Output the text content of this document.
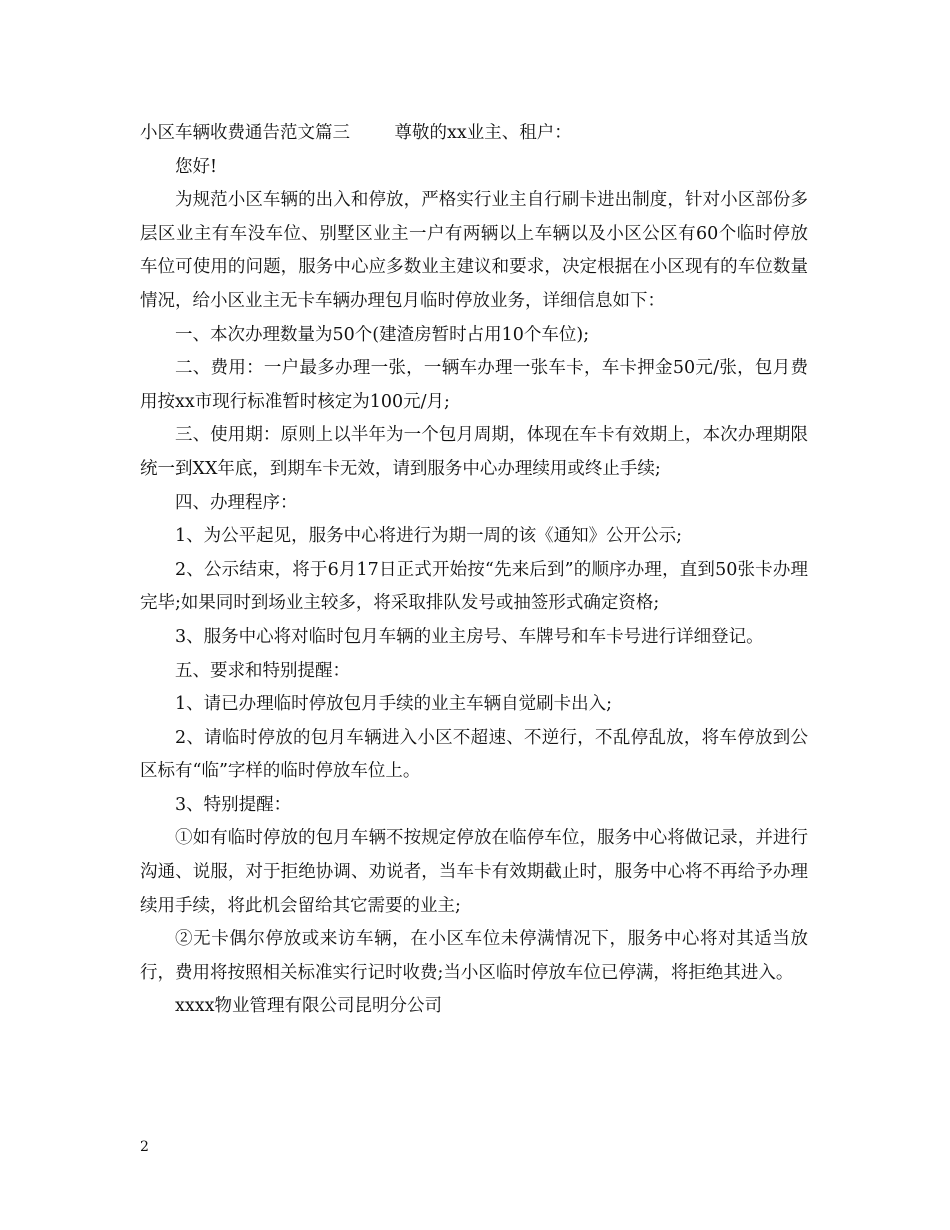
小区车辆收费通告范文篇三	尊敬的xx业主、租户：

您好!

为规范小区车辆的出入和停放，严格实行业主自行刷卡进出制度，针对小区部份多层区业主有车没车位、别墅区业主一户有两辆以上车辆以及小区公区有60个临时停放车位可使用的问题，服务中心应多数业主建议和要求，决定根据在小区现有的车位数量情况，给小区业主无卡车辆办理包月临时停放业务，详细信息如下：

一、本次办理数量为50个(建渣房暂时占用10个车位);

二、费用：一户最多办理一张，一辆车办理一张车卡，车卡押金50元/张，包月费用按xx市现行标准暂时核定为100元/月;

三、使用期：原则上以半年为一个包月周期，体现在车卡有效期上，本次办理期限统一到XX年底，到期车卡无效，请到服务中心办理续用或终止手续;

四、办理程序：

1、为公平起见，服务中心将进行为期一周的该《通知》公开公示;

2、公示结束，将于6月17日正式开始按“先来后到”的顺序办理，直到50张卡办理完毕;如果同时到场业主较多，将采取排队发号或抽签形式确定资格;

3、服务中心将对临时包月车辆的业主房号、车牌号和车卡号进行详细登记。

五、要求和特别提醒：

1、请已办理临时停放包月手续的业主车辆自觉刷卡出入;

2、请临时停放的包月车辆进入小区不超速、不逆行，不乱停乱放，将车停放到公区标有“临”字样的临时停放车位上。

3、特别提醒：

①如有临时停放的包月车辆不按规定停放在临停车位，服务中心将做记录，并进行沟通、说服，对于拒绝协调、劝说者，当车卡有效期截止时，服务中心将不再给予办理续用手续，将此机会留给其它需要的业主;

②无卡偶尔停放或来访车辆，在小区车位未停满情况下，服务中心将对其适当放行，费用将按照相关标准实行记时收费;当小区临时停放车位已停满，将拒绝其进入。

xxxx物业管理有限公司昆明分公司

2
